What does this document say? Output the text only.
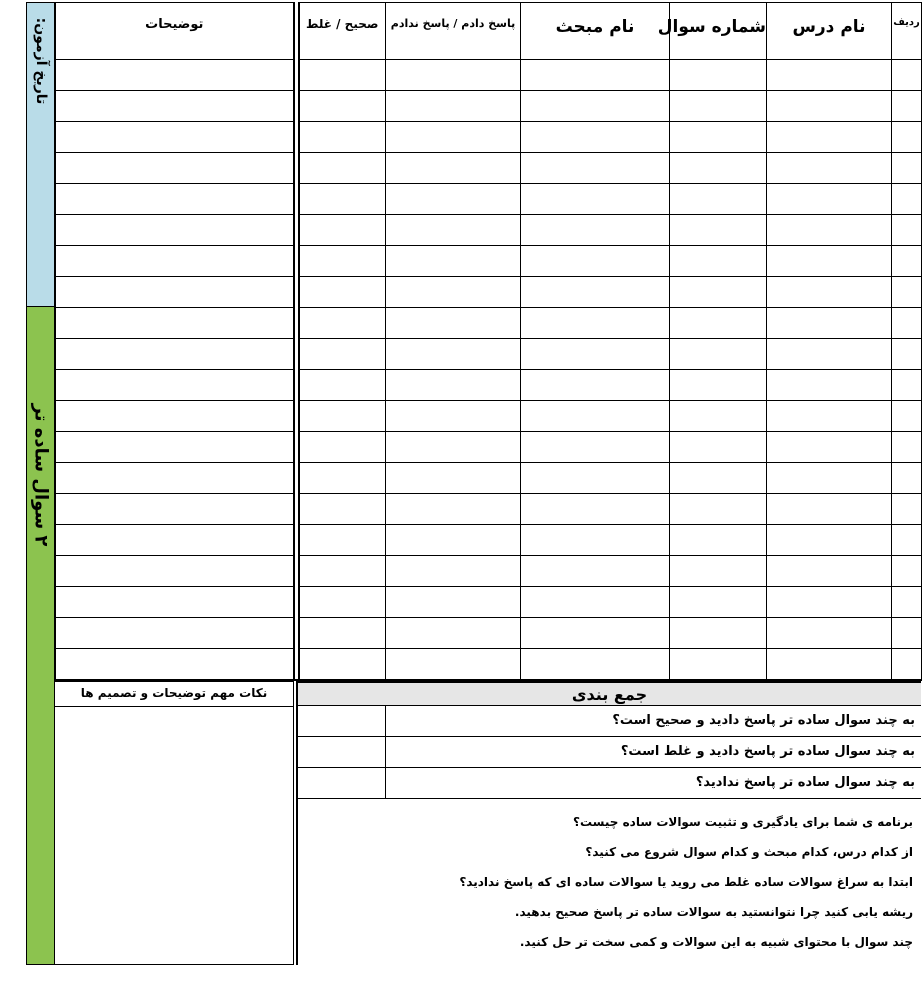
تاریخ آزمون:
۲ سوال ساده تر
ردیف	نام درس	شماره سوال	نام مبحث	پاسخ دادم / پاسخ ندادم	صحیح / غلط		توضیحات

نکات مهم توضیحات و تصمیم ها	جمع بندی
به چند سوال ساده تر پاسخ دادید و صحیح است؟
به چند سوال ساده تر پاسخ دادید و غلط است؟
به چند سوال ساده تر پاسخ ندادید؟
برنامه ی شما برای یادگیری و تثبیت سوالات ساده چیست؟
از کدام درس، کدام مبحث و کدام سوال شروع می کنید؟
ابتدا به سراغ سوالات ساده غلط می روید یا سوالات ساده ای که پاسخ ندادید؟
ریشه یابی کنید چرا نتوانستید به سوالات ساده تر پاسخ صحیح بدهید.
چند سوال با محتوای شبیه به این سوالات و کمی سخت تر حل کنید.
